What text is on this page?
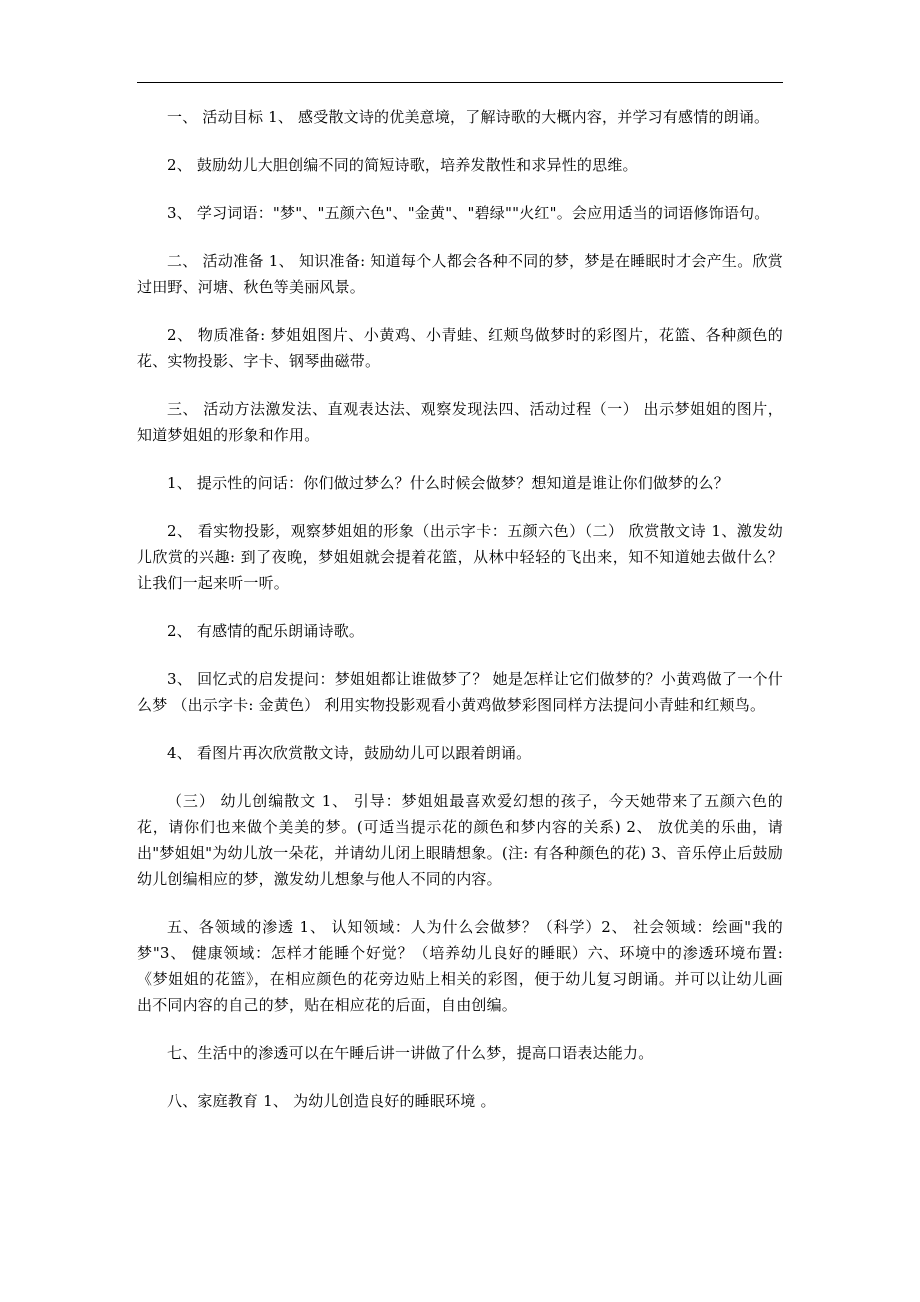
一、 活动目标 1、 感受散文诗的优美意境，了解诗歌的大概内容，并学习有感情的朗诵。

2、 鼓励幼儿大胆创编不同的简短诗歌，培养发散性和求异性的思维。

3、 学习词语："梦"、"五颜六色"、"金黄"、"碧绿""火红"。会应用适当的词语修饰语句。

二、 活动准备 1、 知识准备: 知道每个人都会各种不同的梦，梦是在睡眠时才会产生。欣赏过田野、河塘、秋色等美丽风景。

2、 物质准备: 梦姐姐图片、小黄鸡、小青蛙、红颊鸟做梦时的彩图片，花篮、各种颜色的花、实物投影、字卡、钢琴曲磁带。

三、 活动方法激发法、直观表达法、观察发现法四、活动过程（一） 出示梦姐姐的图片，知道梦姐姐的形象和作用。

1、 提示性的问话：你们做过梦么？什么时候会做梦？想知道是谁让你们做梦的么？

2、 看实物投影，观察梦姐姐的形象（出示字卡：五颜六色）（二） 欣赏散文诗 1、激发幼儿欣赏的兴趣: 到了夜晚，梦姐姐就会提着花篮，从林中轻轻的飞出来，知不知道她去做什么？让我们一起来听一听。

2、 有感情的配乐朗诵诗歌。

3、 回忆式的启发提问：梦姐姐都让谁做梦了？ 她是怎样让它们做梦的？小黄鸡做了一个什么梦 （出示字卡: 金黄色） 利用实物投影观看小黄鸡做梦彩图同样方法提问小青蛙和红颊鸟。

4、 看图片再次欣赏散文诗，鼓励幼儿可以跟着朗诵。

（三） 幼儿创编散文 1、 引导：梦姐姐最喜欢爱幻想的孩子，今天她带来了五颜六色的花，请你们也来做个美美的梦。(可适当提示花的颜色和梦内容的关系) 2、 放优美的乐曲，请出"梦姐姐"为幼儿放一朵花，并请幼儿闭上眼睛想象。(注: 有各种颜色的花) 3、音乐停止后鼓励幼儿创编相应的梦，激发幼儿想象与他人不同的内容。

五、各领域的渗透 1、 认知领域：人为什么会做梦？（科学）2、 社会领域：绘画"我的梦"3、 健康领域：怎样才能睡个好觉？（培养幼儿良好的睡眠）六、环境中的渗透环境布置:《梦姐姐的花篮》，在相应颜色的花旁边贴上相关的彩图，便于幼儿复习朗诵。并可以让幼儿画出不同内容的自己的梦，贴在相应花的后面，自由创编。

七、生活中的渗透可以在午睡后讲一讲做了什么梦，提高口语表达能力。

八、家庭教育 1、 为幼儿创造良好的睡眠环境 。
